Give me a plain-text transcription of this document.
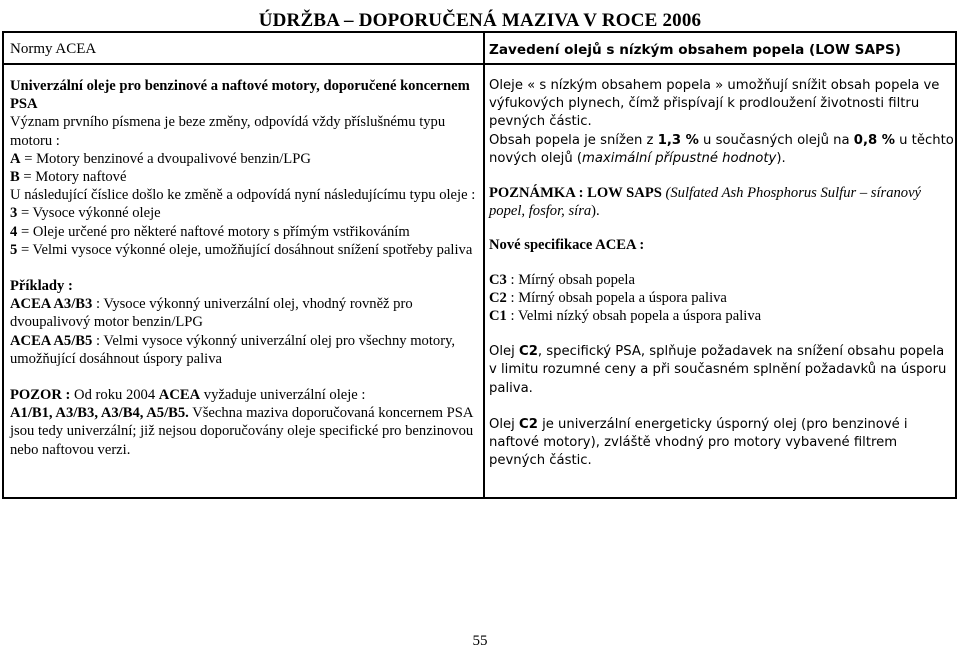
ÚDRŽBA – DOPORUČENÁ MAZIVA V ROCE 2006
Normy ACEA	Zavedení olejů s nízkým obsahem popela (LOW SAPS)

Univerzální oleje pro benzinové a naftové motory, doporučené koncernem PSA

Význam prvního písmena je beze změny, odpovídá vždy příslušnému typu motoru :

A = Motory benzinové a dvoupalivové benzin/LPG

B = Motory naftové

U následující číslice došlo ke změně a odpovídá nyní následujícímu typu oleje :

3 = Vysoce výkonné oleje

4 = Oleje určené pro některé naftové motory s přímým vstřikováním

5 = Velmi vysoce výkonné oleje, umožňující dosáhnout snížení spotřeby paliva

Příklady :

ACEA A3/B3 : Vysoce výkonný univerzální olej, vhodný rovněž pro dvoupalivový motor benzin/LPG

ACEA A5/B5 : Velmi vysoce výkonný univerzální olej pro všechny motory, umožňující dosáhnout úspory paliva

POZOR : Od roku 2004 ACEA vyžaduje univerzální oleje :
A1/B1, A3/B3, A3/B4, A5/B5. Všechna maziva doporučovaná koncernem PSA jsou tedy univerzální; již nejsou doporučovány oleje specifické pro benzinovou nebo naftovou verzi.

Oleje « s nízkým obsahem popela » umožňují snížit obsah popela ve výfukových plynech, čímž přispívají k prodloužení životnosti filtru pevných částic.

Obsah popela je snížen z 1,3 % u současných olejů na 0,8 % u těchto nových olejů (maximální přípustné hodnoty).

POZNÁMKA : LOW SAPS (Sulfated Ash Phosphorus Sulfur – síranový popel, fosfor, síra).

Nové specifikace ACEA :

C3 : Mírný obsah popela

C2 : Mírný obsah popela a úspora paliva

C1 : Velmi nízký obsah popela a úspora paliva

Olej C2, specifický PSA, splňuje požadavek na snížení obsahu popela v limitu rozumné ceny a při současném splnění požadavků na úsporu paliva.

Olej C2 je univerzální energeticky úsporný olej (pro benzinové i naftové motory), zvláště vhodný pro motory vybavené filtrem pevných částic.

55
